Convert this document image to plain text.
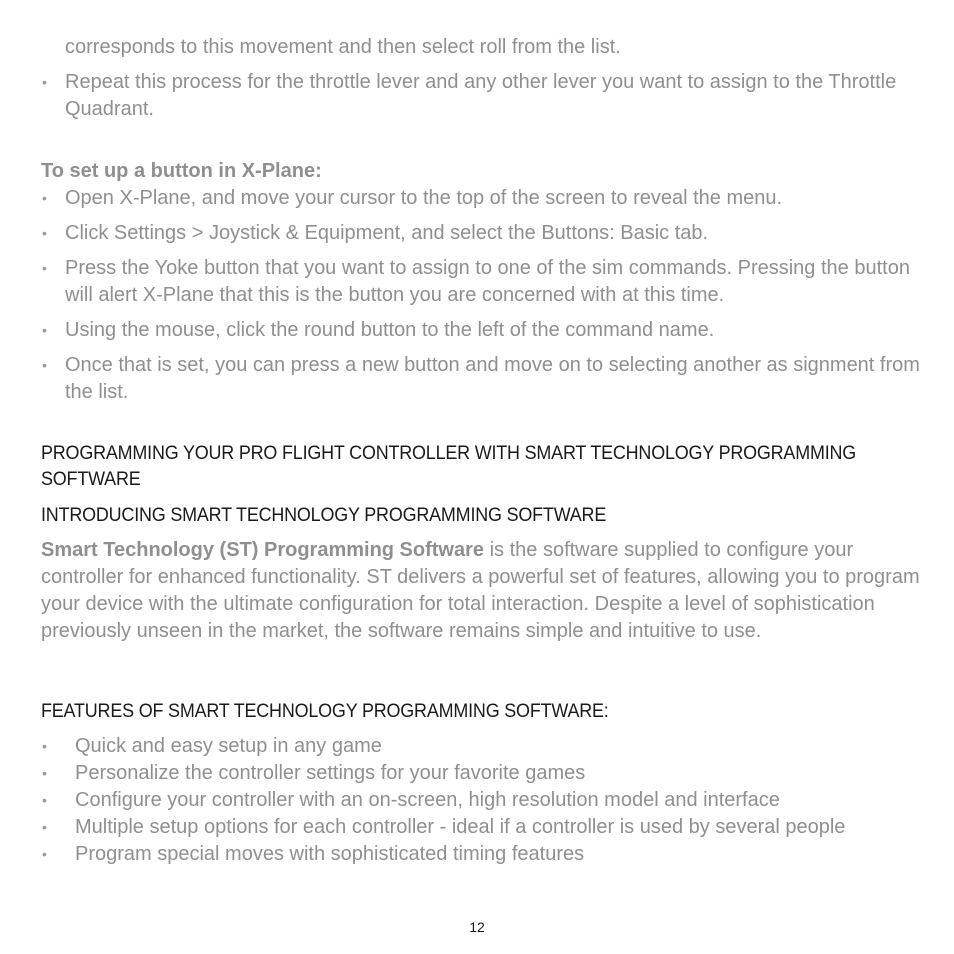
corresponds to this movement and then select roll from the list.
• Repeat this process for the throttle lever and any other lever you want to assign to the Throttle Quadrant.
To set up a button in X-Plane:
• Open X-Plane, and move your cursor to the top of the screen to reveal the menu.
• Click Settings > Joystick & Equipment, and select the Buttons: Basic tab.
• Press the Yoke button that you want to assign to one of the sim commands. Pressing the button will alert X-Plane that this is the button you are concerned with at this time.
• Using the mouse, click the round button to the left of the command name.
• Once that is set, you can press a new button and move on to selecting another as signment from the list.
PROGRAMMING YOUR PRO FLIGHT CONTROLLER WITH SMART TECHNOLOGY PROGRAMMING SOFTWARE
INTRODUCING SMART TECHNOLOGY PROGRAMMING SOFTWARE
Smart Technology (ST) Programming Software is the software supplied to configure your controller for enhanced functionality. ST delivers a powerful set of features, allowing you to program your device with the ultimate configuration for total interaction. Despite a level of sophistication previously unseen in the market, the software remains simple and intuitive to use.
FEATURES OF SMART TECHNOLOGY PROGRAMMING SOFTWARE:
• Quick and easy setup in any game
• Personalize the controller settings for your favorite games
• Configure your controller with an on-screen, high resolution model and interface
• Multiple setup options for each controller - ideal if a controller is used by several people
• Program special moves with sophisticated timing features
12
